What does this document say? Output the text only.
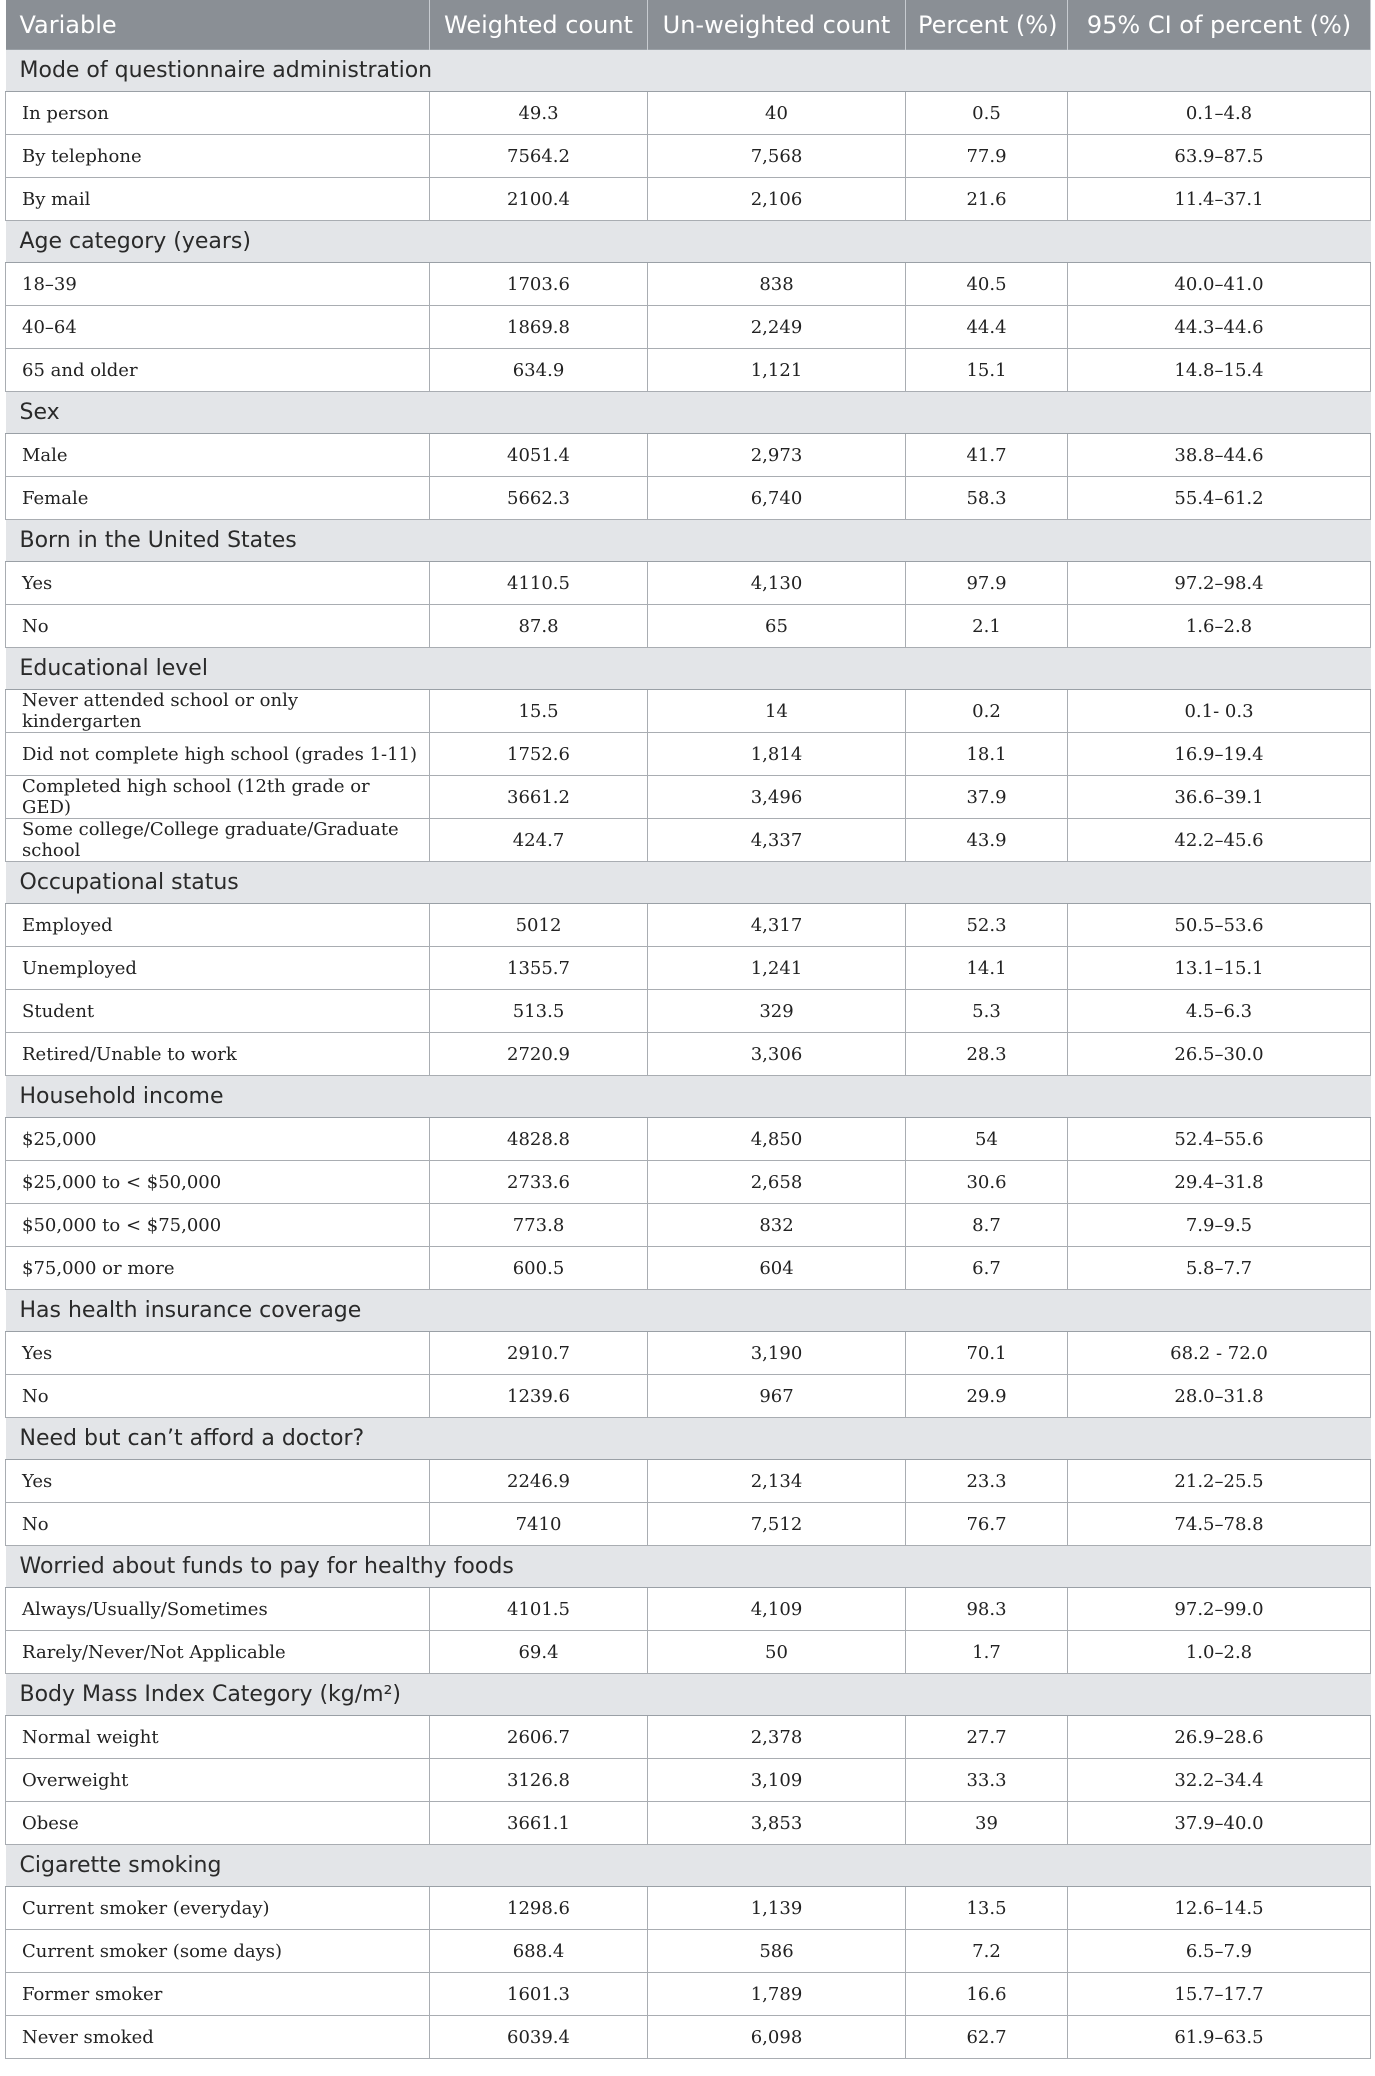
Variable	Weighted count	Un-weighted count	Percent (%)	95% CI of percent (%)
Mode of questionnaire administration				
In person	49.3	40	0.5	0.1–4.8
By telephone	7564.2	7,568	77.9	63.9–87.5
By mail	2100.4	2,106	21.6	11.4–37.1
Age category (years)				
18–39	1703.6	838	40.5	40.0–41.0
40–64	1869.8	2,249	44.4	44.3–44.6
65 and older	634.9	1,121	15.1	14.8–15.4
Sex				
Male	4051.4	2,973	41.7	38.8–44.6
Female	5662.3	6,740	58.3	55.4–61.2
Born in the United States				
Yes	4110.5	4,130	97.9	97.2–98.4
No	87.8	65	2.1	1.6–2.8
Educational level				
Never attended school or only kindergarten	15.5	14	0.2	0.1- 0.3
Did not complete high school (grades 1-11)	1752.6	1,814	18.1	16.9–19.4
Completed high school (12th grade or GED)	3661.2	3,496	37.9	36.6–39.1
Some college/College graduate/Graduate school	424.7	4,337	43.9	42.2–45.6
Occupational status				
Employed	5012	4,317	52.3	50.5–53.6
Unemployed	1355.7	1,241	14.1	13.1–15.1
Student	513.5	329	5.3	4.5–6.3
Retired/Unable to work	2720.9	3,306	28.3	26.5–30.0
Household income				
$25,000	4828.8	4,850	54	52.4–55.6
$25,000 to < $50,000	2733.6	2,658	30.6	29.4–31.8
$50,000 to < $75,000	773.8	832	8.7	7.9–9.5
$75,000 or more	600.5	604	6.7	5.8–7.7
Has health insurance coverage				
Yes	2910.7	3,190	70.1	68.2 - 72.0
No	1239.6	967	29.9	28.0–31.8
Need but can’t afford a doctor?				
Yes	2246.9	2,134	23.3	21.2–25.5
No	7410	7,512	76.7	74.5–78.8
Worried about funds to pay for healthy foods				
Always/Usually/Sometimes	4101.5	4,109	98.3	97.2–99.0
Rarely/Never/Not Applicable	69.4	50	1.7	1.0–2.8
Body Mass Index Category (kg/m²)				
Normal weight	2606.7	2,378	27.7	26.9–28.6
Overweight	3126.8	3,109	33.3	32.2–34.4
Obese	3661.1	3,853	39	37.9–40.0
Cigarette smoking				
Current smoker (everyday)	1298.6	1,139	13.5	12.6–14.5
Current smoker (some days)	688.4	586	7.2	6.5–7.9
Former smoker	1601.3	1,789	16.6	15.7–17.7
Never smoked	6039.4	6,098	62.7	61.9–63.5
